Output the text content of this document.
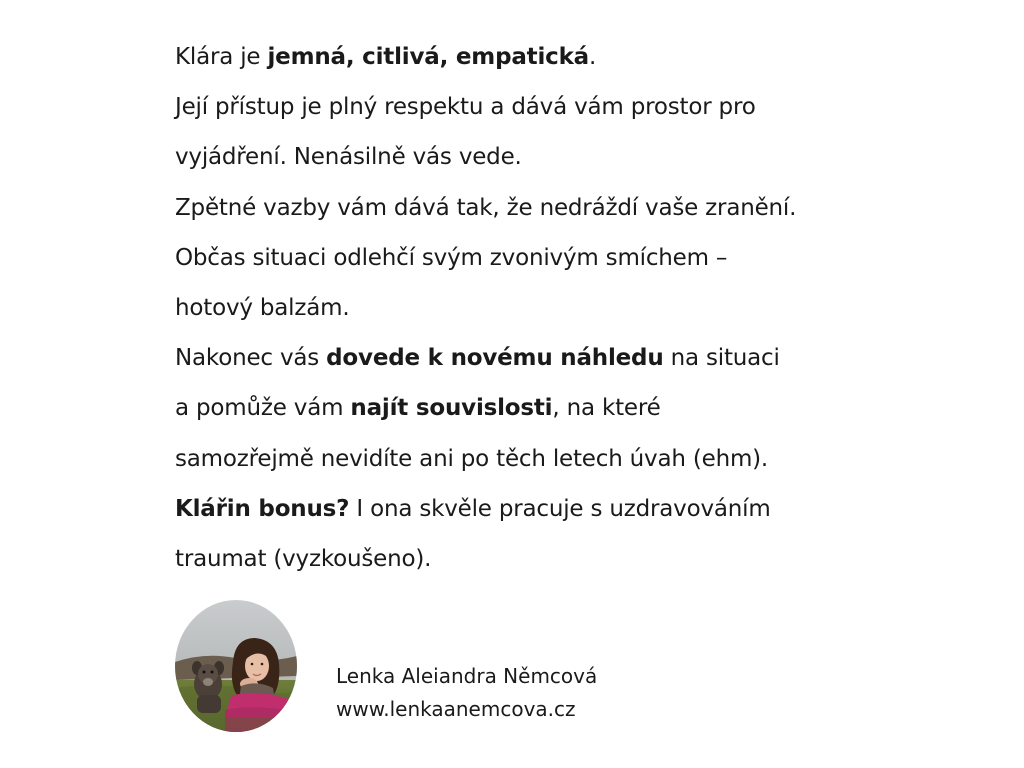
Klára je jemná, citlivá, empatická.
Její přístup je plný respektu a dává vám prostor pro
vyjádření. Nenásilně vás vede.
Zpětné vazby vám dává tak, že nedráždí vaše zranění.
Občas situaci odlehčí svým zvonivým smíchem –
hotový balzám.
Nakonec vás dovede k novému náhledu na situaci
a pomůže vám najít souvislosti, na které
samozřejmě nevidíte ani po těch letech úvah (ehm).
Klářin bonus? I ona skvěle pracuje s uzdravováním
traumat (vyzkoušeno).
Lenka Aleiandra Němcová
www.lenkaanemcova.cz
